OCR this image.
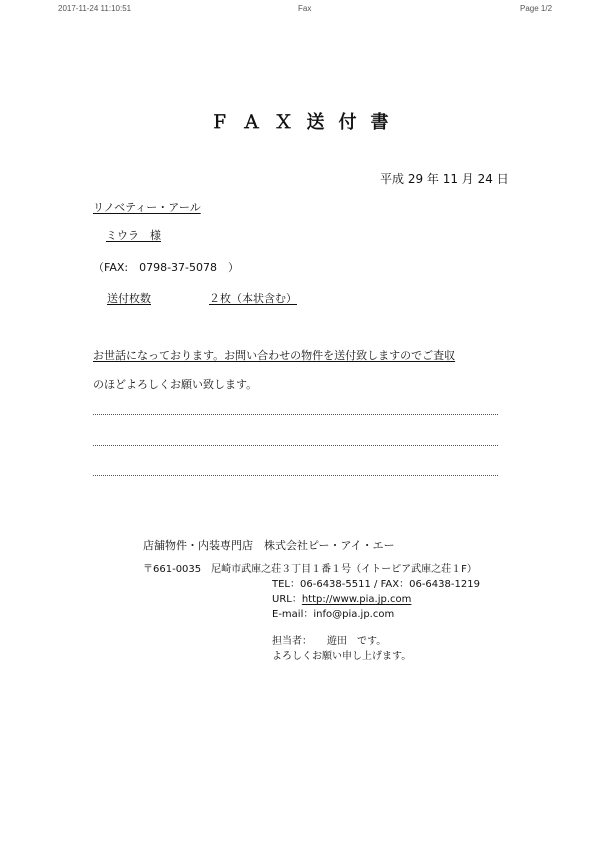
2017-11-24 11:10:51	Fax	Page 1/2
ＦＡＸ送付書
平成 29 年 11 月 24 日
リノベティー・アール
ミウラ　様
（FAX:　0798-37-5078　）
送付枚数	２枚（本状含む）
お世話になっております。お問い合わせの物件を送付致しますのでご査収
のほどよろしくお願い致します。
店舗物件・内装専門店　株式会社ピー・アイ・エー
〒661-0035　尼崎市武庫之荘３丁目１番１号（イトーピア武庫之荘１F）
TEL：06-6438-5511 / FAX：06-6438-1219
URL：http://www.pia.jp.com
E-mail：info@pia.jp.com
担当者：　　遊田　です。
よろしくお願い申し上げます。
